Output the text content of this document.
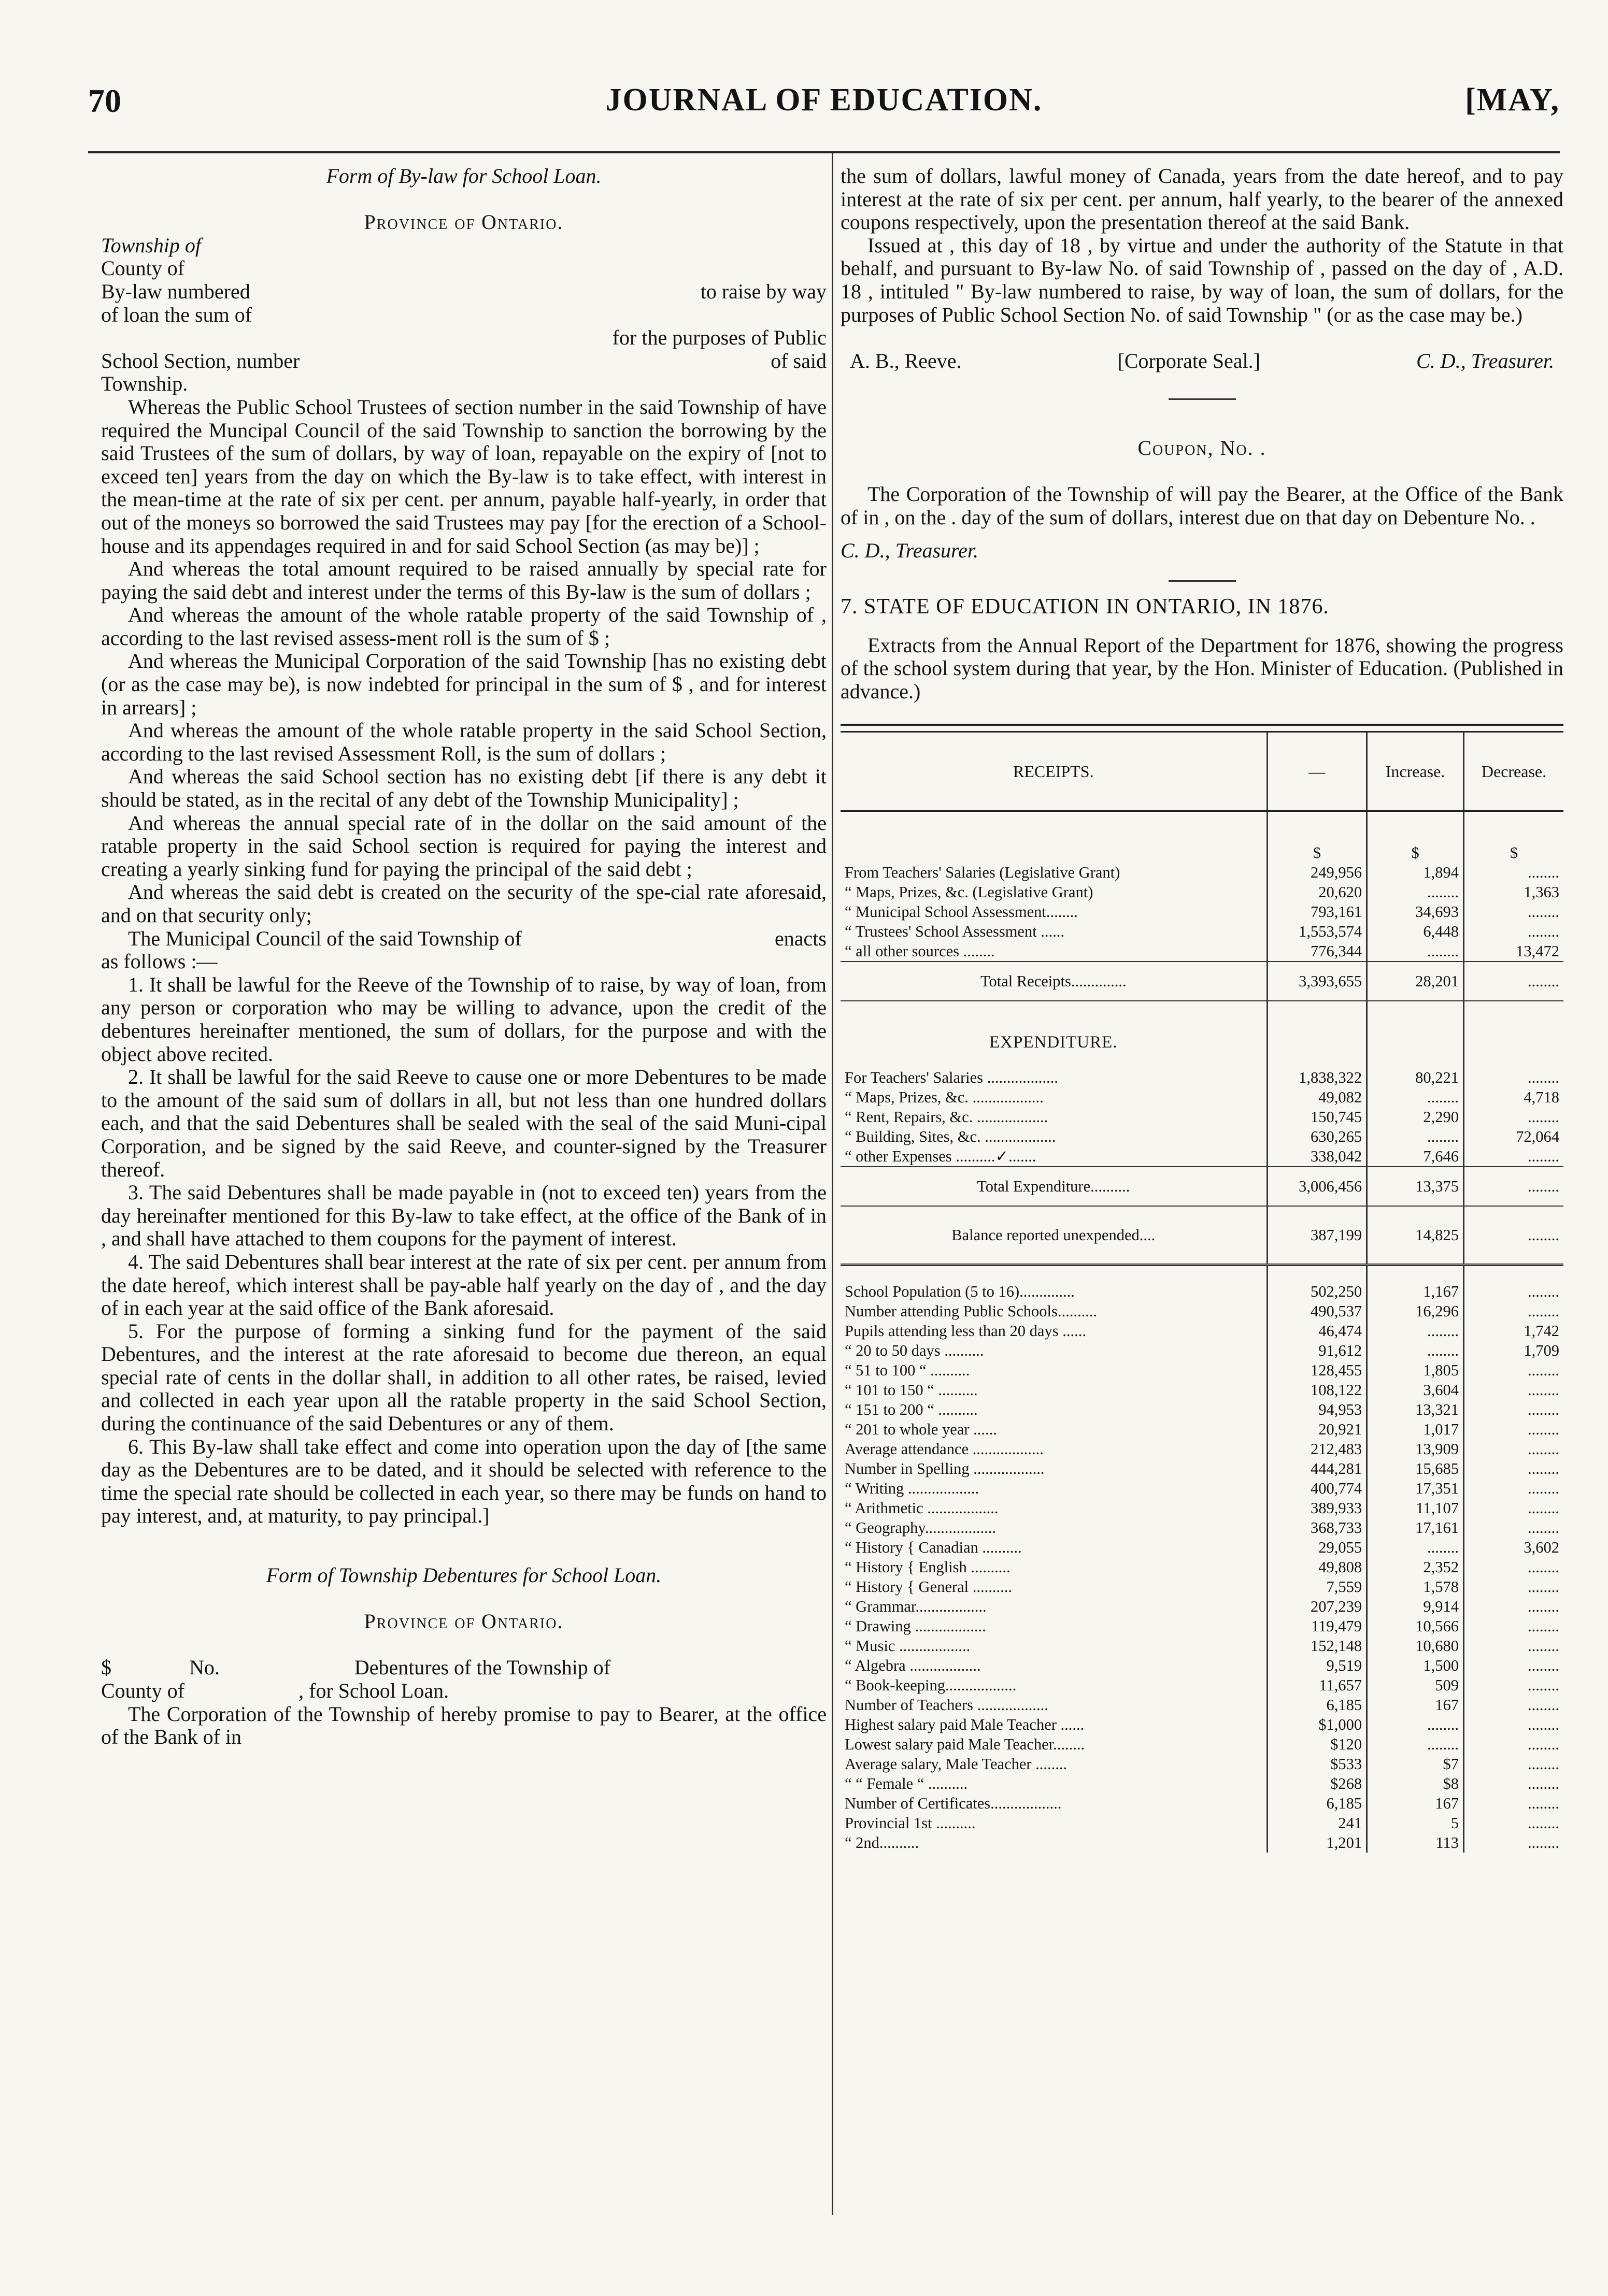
70	JOURNAL OF EDUCATION.	[MAY,

Form of By-law for School Loan.

Province of Ontario.

Township of

County of

By-law numbered	to raise by way

of loan the sum of

for the purposes of Public

School Section, number	of said

Township.

Whereas the Public School Trustees of section number in the said Township of have required the Muncipal Council of the said Township to sanction the borrowing by the said Trustees of the sum of dollars, by way of loan, repayable on the expiry of [not to exceed ten] years from the day on which the By-law is to take effect, with interest in the mean-time at the rate of six per cent. per annum, payable half-yearly, in order that out of the moneys so borrowed the said Trustees may pay [for the erection of a School-house and its appendages required in and for said School Section (as may be)] ;

And whereas the total amount required to be raised annually by special rate for paying the said debt and interest under the terms of this By-law is the sum of dollars ;

And whereas the amount of the whole ratable property of the said Township of , according to the last revised assess-ment roll is the sum of $ ;

And whereas the Municipal Corporation of the said Township [has no existing debt (or as the case may be), is now indebted for principal in the sum of $ , and for interest in arrears] ;

And whereas the amount of the whole ratable property in the said School Section, according to the last revised Assessment Roll, is the sum of dollars ;

And whereas the said School section has no existing debt [if there is any debt it should be stated, as in the recital of any debt of the Township Municipality] ;

And whereas the annual special rate of in the dollar on the said amount of the ratable property in the said School section is required for paying the interest and creating a yearly sinking fund for paying the principal of the said debt ;

And whereas the said debt is created on the security of the spe-cial rate aforesaid, and on that security only;

The Municipal Council of the said Township of	enacts

as follows :—

1. It shall be lawful for the Reeve of the Township of to raise, by way of loan, from any person or corporation who may be willing to advance, upon the credit of the debentures hereinafter mentioned, the sum of dollars, for the purpose and with the object above recited.

2. It shall be lawful for the said Reeve to cause one or more Debentures to be made to the amount of the said sum of dollars in all, but not less than one hundred dollars each, and that the said Debentures shall be sealed with the seal of the said Muni-cipal Corporation, and be signed by the said Reeve, and counter-signed by the Treasurer thereof.

3. The said Debentures shall be made payable in (not to exceed ten) years from the day hereinafter mentioned for this By-law to take effect, at the office of the Bank of in , and shall have attached to them coupons for the payment of interest.

4. The said Debentures shall bear interest at the rate of six per cent. per annum from the date hereof, which interest shall be pay-able half yearly on the day of , and the day of in each year at the said office of the Bank aforesaid.

5. For the purpose of forming a sinking fund for the payment of the said Debentures, and the interest at the rate aforesaid to become due thereon, an equal special rate of cents in the dollar shall, in addition to all other rates, be raised, levied and collected in each year upon all the ratable property in the said School Section, during the continuance of the said Debentures or any of them.

6. This By-law shall take effect and come into operation upon the day of [the same day as the Debentures are to be dated, and it should be selected with reference to the time the special rate should be collected in each year, so there may be funds on hand to pay interest, and, at maturity, to pay principal.]

Form of Township Debentures for School Loan.

Province of Ontario.

$	No.	Debentures of the Township of
County of	, for School Loan.

The Corporation of the Township of hereby promise to pay to Bearer, at the office of the Bank of in

the sum of dollars, lawful money of Canada, years from the date hereof, and to pay interest at the rate of six per cent. per annum, half yearly, to the bearer of the annexed coupons respectively, upon the presentation thereof at the said Bank.

Issued at , this day of 18 , by virtue and under the authority of the Statute in that behalf, and pursuant to By-law No. of said Township of , passed on the day of , A.D. 18 , intituled " By-law numbered to raise, by way of loan, the sum of dollars, for the purposes of Public School Section No. of said Township " (or as the case may be.)

A. B., Reeve.	[Corporate Seal.]	C. D., Treasurer.

Coupon, No. .

The Corporation of the Township of will pay the Bearer, at the Office of the Bank of in , on the . day of the sum of dollars, interest due on that day on Debenture No. .

C. D., Treasurer.

7. STATE OF EDUCATION IN ONTARIO, IN 1876.

Extracts from the Annual Report of the Department for 1876, showing the progress of the school system during that year, by the Hon. Minister of Education. (Published in advance.)

RECEIPTS.	—	Increase.	Decrease.

	$	$	$
From Teachers' Salaries (Legislative Grant)	249,956	1,894	........
“ Maps, Prizes, &c. (Legislative Grant)	20,620	........	1,363
“ Municipal School Assessment........	793,161	34,693	........
“ Trustees' School Assessment ......	1,553,574	6,448	........
“ all other sources ........	776,344	........	13,472
Total Receipts..............	3,393,655	28,201	........

EXPENDITURE.			

For Teachers' Salaries ..................	1,838,322	80,221	........
“ Maps, Prizes, &c. ..................	49,082	........	4,718
“ Rent, Repairs, &c. ..................	150,745	2,290	........
“ Building, Sites, &c. ..................	630,265	........	72,064
“ other Expenses ..........✓.......	338,042	7,646	........
Total Expenditure..........	3,006,456	13,375	........
Balance reported unexpended....	387,199	14,825	........

School Population (5 to 16)..............	502,250	1,167	........
Number attending Public Schools..........	490,537	16,296	........
Pupils attending less than 20 days ......	46,474	........	1,742
“ 20 to 50 days ..........	91,612	........	1,709
“ 51 to 100 “ ..........	128,455	1,805	........
“ 101 to 150 “ ..........	108,122	3,604	........
“ 151 to 200 “ ..........	94,953	13,321	........
“ 201 to whole year ......	20,921	1,017	........
Average attendance ..................	212,483	13,909	........
Number in Spelling ..................	444,281	15,685	........
“ Writing ..................	400,774	17,351	........
“ Arithmetic ..................	389,933	11,107	........
“ Geography..................	368,733	17,161	........
“ History { Canadian ..........	29,055	........	3,602
“ History { English ..........	49,808	2,352	........
“ History { General ..........	7,559	1,578	........
“ Grammar..................	207,239	9,914	........
“ Drawing ..................	119,479	10,566	........
“ Music ..................	152,148	10,680	........
“ Algebra ..................	9,519	1,500	........
“ Book-keeping..................	11,657	509	........
Number of Teachers ..................	6,185	167	........
Highest salary paid Male Teacher ......	$1,000	........	........
Lowest salary paid Male Teacher........	$120	........	........
Average salary, Male Teacher ........	$533	$7	........
“ “ Female “ ..........	$268	$8	........
Number of Certificates..................	6,185	167	........
Provincial 1st ..........	241	5	........
“ 2nd..........	1,201	113	........
